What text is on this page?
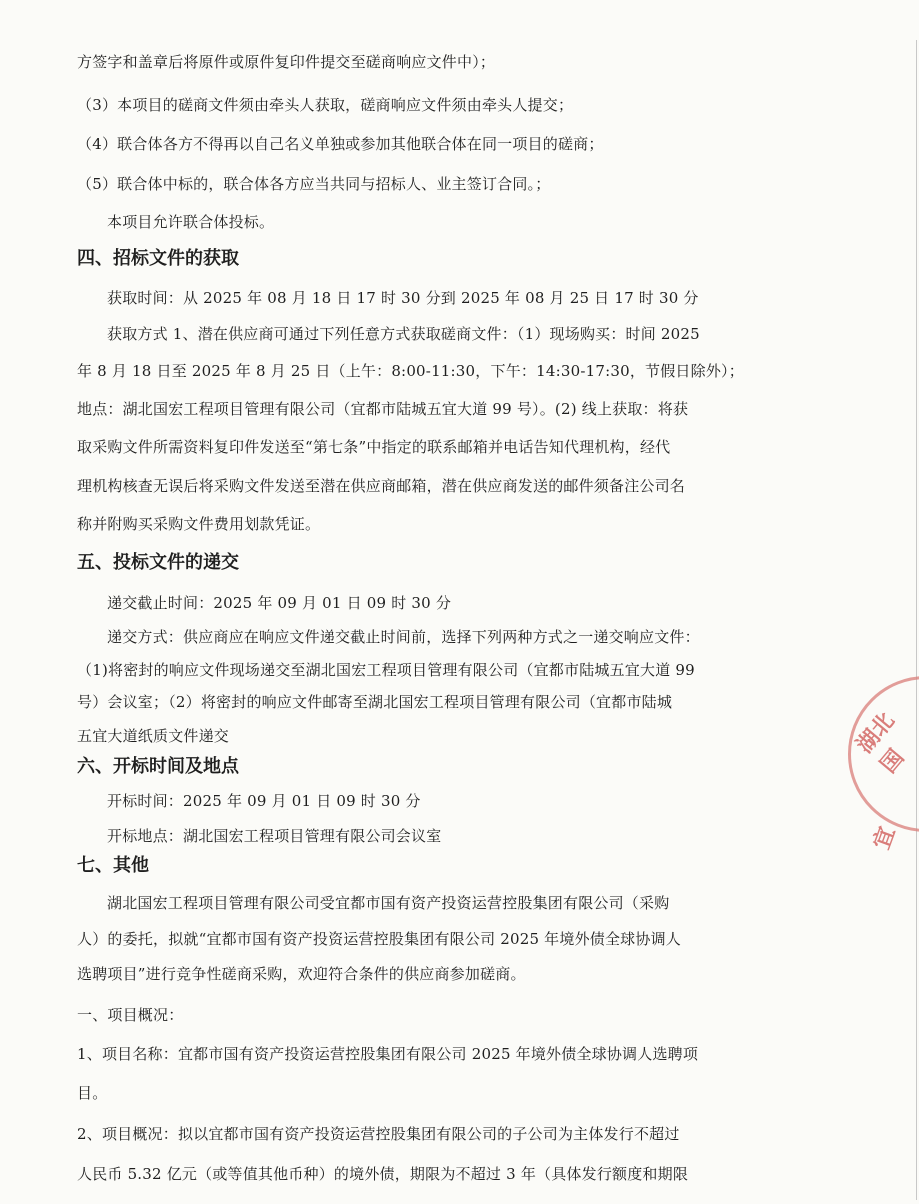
方签字和盖章后将原件或原件复印件提交至磋商响应文件中）；
（3）本项目的磋商文件须由牵头人获取，磋商响应文件须由牵头人提交；
（4）联合体各方不得再以自己名义单独或参加其他联合体在同一项目的磋商；
（5）联合体中标的，联合体各方应当共同与招标人、业主签订合同。；
本项目允许联合体投标。
四、招标文件的获取
获取时间：从 2025 年 08 月 18 日 17 时 30 分到 2025 年 08 月 25 日 17 时 30 分
获取方式 1、潜在供应商可通过下列任意方式获取磋商文件：（1）现场购买：时间 2025
年 8 月 18 日至 2025 年 8 月 25 日（上午：8:00-11:30，下午：14:30-17:30，节假日除外）；
地点：湖北国宏工程项目管理有限公司（宜都市陆城五宜大道 99 号）。(2) 线上获取：将获
取采购文件所需资料复印件发送至“第七条”中指定的联系邮箱并电话告知代理机构，经代
理机构核查无误后将采购文件发送至潜在供应商邮箱，潜在供应商发送的邮件须备注公司名
称并附购买采购文件费用划款凭证。
五、投标文件的递交
递交截止时间：2025 年 09 月 01 日 09 时 30 分
递交方式：供应商应在响应文件递交截止时间前，选择下列两种方式之一递交响应文件：
（1)将密封的响应文件现场递交至湖北国宏工程项目管理有限公司（宜都市陆城五宜大道 99
号）会议室；（2）将密封的响应文件邮寄至湖北国宏工程项目管理有限公司（宜都市陆城
五宜大道纸质文件递交
六、开标时间及地点
开标时间：2025 年 09 月 01 日 09 时 30 分
开标地点：湖北国宏工程项目管理有限公司会议室
七、其他
湖北国宏工程项目管理有限公司受宜都市国有资产投资运营控股集团有限公司（采购
人）的委托，拟就“宜都市国有资产投资运营控股集团有限公司 2025 年境外债全球协调人
选聘项目”进行竞争性磋商采购，欢迎符合条件的供应商参加磋商。
一、项目概况：
1、项目名称：宜都市国有资产投资运营控股集团有限公司 2025 年境外债全球协调人选聘项
目。
2、项目概况：拟以宜都市国有资产投资运营控股集团有限公司的子公司为主体发行不超过
人民币 5.32 亿元（或等值其他币种）的境外债，期限为不超过 3 年（具体发行额度和期限
湖北国
宜
